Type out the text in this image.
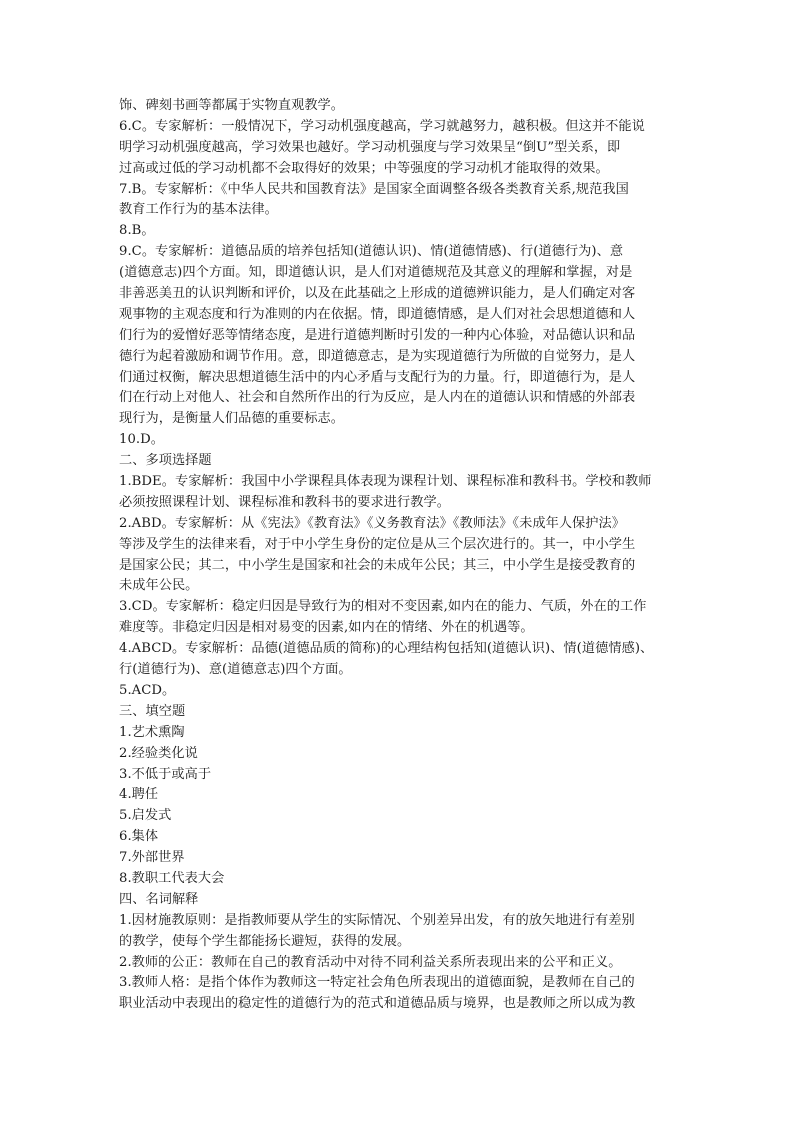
饰、碑刻书画等都属于实物直观教学。
6.C。专家解析：一般情况下，学习动机强度越高，学习就越努力，越积极。但这并不能说
明学习动机强度越高，学习效果也越好。学习动机强度与学习效果呈“倒U”型关系，即
过高或过低的学习动机都不会取得好的效果；中等强度的学习动机才能取得的效果。
7.B。专家解析：《中华人民共和国教育法》是国家全面调整各级各类教育关系,规范我国
教育工作行为的基本法律。
8.B。
9.C。专家解析：道德品质的培养包括知(道德认识)、情(道德情感)、行(道德行为)、意
(道德意志)四个方面。知，即道德认识，是人们对道德规范及其意义的理解和掌握，对是
非善恶美丑的认识判断和评价，以及在此基础之上形成的道德辨识能力，是人们确定对客
观事物的主观态度和行为准则的内在依据。情，即道德情感，是人们对社会思想道德和人
们行为的爱憎好恶等情绪态度，是进行道德判断时引发的一种内心体验，对品德认识和品
德行为起着激励和调节作用。意，即道德意志，是为实现道德行为所做的自觉努力，是人
们通过权衡，解决思想道德生活中的内心矛盾与支配行为的力量。行，即道德行为，是人
们在行动上对他人、社会和自然所作出的行为反应，是人内在的道德认识和情感的外部表
现行为，是衡量人们品德的重要标志。
10.D。
二、多项选择题
1.BDE。专家解析：我国中小学课程具体表现为课程计划、课程标准和教科书。学校和教师
必须按照课程计划、课程标准和教科书的要求进行教学。
2.ABD。专家解析：从《宪法》《教育法》《义务教育法》《教师法》《未成年人保护法》
等涉及学生的法律来看，对于中小学生身份的定位是从三个层次进行的。其一，中小学生
是国家公民；其二，中小学生是国家和社会的未成年公民；其三，中小学生是接受教育的
未成年公民。
3.CD。专家解析：稳定归因是导致行为的相对不变因素,如内在的能力、气质，外在的工作
难度等。非稳定归因是相对易变的因素,如内在的情绪、外在的机遇等。
4.ABCD。专家解析：品德(道德品质的简称)的心理结构包括知(道德认识)、情(道德情感)、
行(道德行为)、意(道德意志)四个方面。
5.ACD。
三、填空题
1.艺术熏陶
2.经验类化说
3.不低于或高于
4.聘任
5.启发式
6.集体
7.外部世界
8.教职工代表大会
四、名词解释
1.因材施教原则：是指教师要从学生的实际情况、个别差异出发，有的放矢地进行有差别
的教学，使每个学生都能扬长避短，获得的发展。
2.教师的公正：教师在自己的教育活动中对待不同利益关系所表现出来的公平和正义。
3.教师人格：是指个体作为教师这一特定社会角色所表现出的道德面貌，是教师在自己的
职业活动中表现出的稳定性的道德行为的范式和道德品质与境界，也是教师之所以成为教
